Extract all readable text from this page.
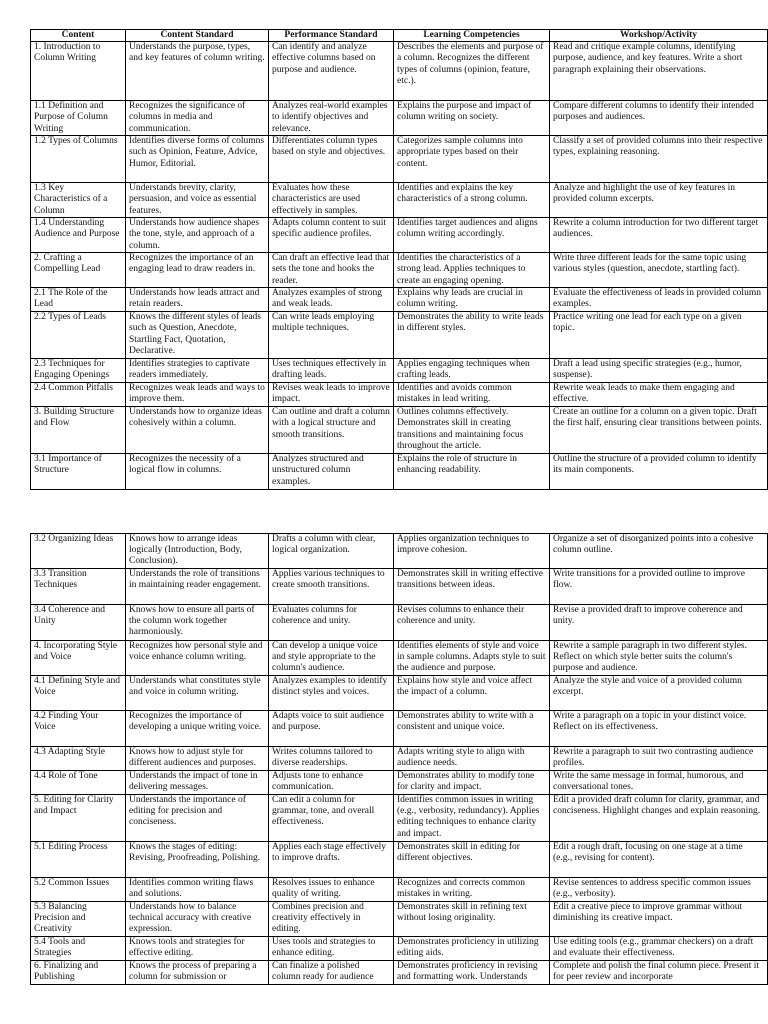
Content	Content Standard	Performance Standard	Learning Competencies	Workshop/Activity
1. Introduction to Column Writing	Understands the purpose, types, and key features of column writing.	Can identify and analyze effective columns based on purpose and audience.	Describes the elements and purpose of a column. Recognizes the different types of columns (opinion, feature, etc.).	Read and critique example columns, identifying purpose, audience, and key features. Write a short paragraph explaining their observations.
1.1 Definition and Purpose of Column Writing	Recognizes the significance of columns in media and communication.	Analyzes real-world examples to identify objectives and relevance.	Explains the purpose and impact of column writing on society.	Compare different columns to identify their intended purposes and audiences.
1.2 Types of Columns	Identifies diverse forms of columns such as Opinion, Feature, Advice, Humor, Editorial.	Differentiates column types based on style and objectives.	Categorizes sample columns into appropriate types based on their content.	Classify a set of provided columns into their respective types, explaining reasoning.
1.3 Key Characteristics of a Column	Understands brevity, clarity, persuasion, and voice as essential features.	Evaluates how these characteristics are used effectively in samples.	Identifies and explains the key characteristics of a strong column.	Analyze and highlight the use of key features in provided column excerpts.
1.4 Understanding Audience and Purpose	Understands how audience shapes the tone, style, and approach of a column.	Adapts column content to suit specific audience profiles.	Identifies target audiences and aligns column writing accordingly.	Rewrite a column introduction for two different target audiences.
2. Crafting a Compelling Lead	Recognizes the importance of an engaging lead to draw readers in.	Can draft an effective lead that sets the tone and hooks the reader.	Identifies the characteristics of a strong lead. Applies techniques to create an engaging opening.	Write three different leads for the same topic using various styles (question, anecdote, startling fact).
2.1 The Role of the Lead	Understands how leads attract and retain readers.	Analyzes examples of strong and weak leads.	Explains why leads are crucial in column writing.	Evaluate the effectiveness of leads in provided column examples.
2.2 Types of Leads	Knows the different styles of leads such as Question, Anecdote, Startling Fact, Quotation, Declarative.	Can write leads employing multiple techniques.	Demonstrates the ability to write leads in different styles.	Practice writing one lead for each type on a given topic.
2.3 Techniques for Engaging Openings	Identifies strategies to captivate readers immediately.	Uses techniques effectively in drafting leads.	Applies engaging techniques when crafting leads.	Draft a lead using specific strategies (e.g., humor, suspense).
2.4 Common Pitfalls	Recognizes weak leads and ways to improve them.	Revises weak leads to improve impact.	Identifies and avoids common mistakes in lead writing.	Rewrite weak leads to make them engaging and effective.
3. Building Structure and Flow	Understands how to organize ideas cohesively within a column.	Can outline and draft a column with a logical structure and smooth transitions.	Outlines columns effectively. Demonstrates skill in creating transitions and maintaining focus throughout the article.	Create an outline for a column on a given topic. Draft the first half, ensuring clear transitions between points.
3.1 Importance of Structure	Recognizes the necessity of a logical flow in columns.	Analyzes structured and unstructured column examples.	Explains the role of structure in enhancing readability.	Outline the structure of a provided column to identify its main components.
3.2 Organizing Ideas	Knows how to arrange ideas logically (Introduction, Body, Conclusion).	Drafts a column with clear, logical organization.	Applies organization techniques to improve cohesion.	Organize a set of disorganized points into a cohesive column outline.
3.3 Transition Techniques	Understands the role of transitions in maintaining reader engagement.	Applies various techniques to create smooth transitions.	Demonstrates skill in writing effective transitions between ideas.	Write transitions for a provided outline to improve flow.
3.4 Coherence and Unity	Knows how to ensure all parts of the column work together harmoniously.	Evaluates columns for coherence and unity.	Revises columns to enhance their coherence and unity.	Revise a provided draft to improve coherence and unity.
4. Incorporating Style and Voice	Recognizes how personal style and voice enhance column writing.	Can develop a unique voice and style appropriate to the column's audience.	Identifies elements of style and voice in sample columns. Adapts style to suit the audience and purpose.	Rewrite a sample paragraph in two different styles. Reflect on which style better suits the column's purpose and audience.
4.1 Defining Style and Voice	Understands what constitutes style and voice in column writing.	Analyzes examples to identify distinct styles and voices.	Explains how style and voice affect the impact of a column.	Analyze the style and voice of a provided column excerpt.
4.2 Finding Your Voice	Recognizes the importance of developing a unique writing voice.	Adapts voice to suit audience and purpose.	Demonstrates ability to write with a consistent and unique voice.	Write a paragraph on a topic in your distinct voice. Reflect on its effectiveness.
4.3 Adapting Style	Knows how to adjust style for different audiences and purposes.	Writes columns tailored to diverse readerships.	Adapts writing style to align with audience needs.	Rewrite a paragraph to suit two contrasting audience profiles.
4.4 Role of Tone	Understands the impact of tone in delivering messages.	Adjusts tone to enhance communication.	Demonstrates ability to modify tone for clarity and impact.	Write the same message in formal, humorous, and conversational tones.
5. Editing for Clarity and Impact	Understands the importance of editing for precision and conciseness.	Can edit a column for grammar, tone, and overall effectiveness.	Identifies common issues in writing (e.g., verbosity, redundancy). Applies editing techniques to enhance clarity and impact.	Edit a provided draft column for clarity, grammar, and conciseness. Highlight changes and explain reasoning.
5.1 Editing Process	Knows the stages of editing: Revising, Proofreading, Polishing.	Applies each stage effectively to improve drafts.	Demonstrates skill in editing for different objectives.	Edit a rough draft, focusing on one stage at a time (e.g., revising for content).
5.2 Common Issues	Identifies common writing flaws and solutions.	Resolves issues to enhance quality of writing.	Recognizes and corrects common mistakes in writing.	Revise sentences to address specific common issues (e.g., verbosity).
5.3 Balancing Precision and Creativity	Understands how to balance technical accuracy with creative expression.	Combines precision and creativity effectively in editing.	Demonstrates skill in refining text without losing originality.	Edit a creative piece to improve grammar without diminishing its creative impact.
5.4 Tools and Strategies	Knows tools and strategies for effective editing.	Uses tools and strategies to enhance editing.	Demonstrates proficiency in utilizing editing aids.	Use editing tools (e.g., grammar checkers) on a draft and evaluate their effectiveness.
6. Finalizing and Publishing	Knows the process of preparing a column for submission or	Can finalize a polished column ready for audience	Demonstrates proficiency in revising and formatting work. Understands	Complete and polish the final column piece. Present it for peer review and incorporate
